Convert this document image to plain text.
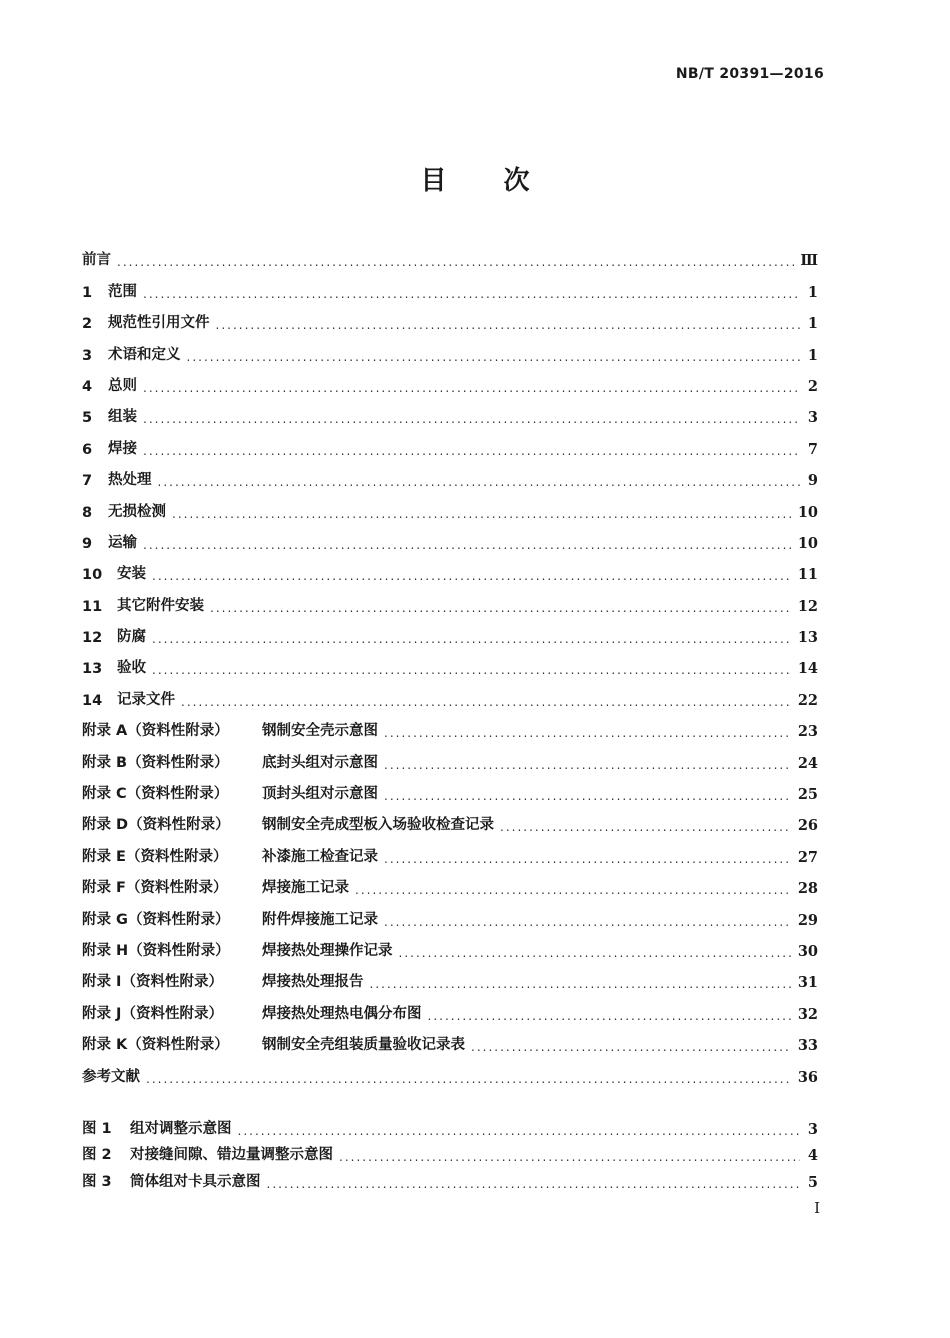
NB/T 20391—2016
目 次
前言 .....	Ⅲ
1	范围 .....	1
2	规范性引用文件 .....	1
3	术语和定义 .....	1
4	总则 .....	2
5	组装 .....	3
6	焊接 .....	7
7	热处理 .....	9
8	无损检测 .....	10
9	运输 .....	10
10	安装 .....	11
11	其它附件安装 .....	12
12	防腐 .....	13
13	验收 .....	14
14	记录文件 .....	22
附录 A（资料性附录）	钢制安全壳示意图 .....	23
附录 B（资料性附录）	底封头组对示意图 .....	24
附录 C（资料性附录）	顶封头组对示意图 .....	25
附录 D（资料性附录）	钢制安全壳成型板入场验收检查记录 .....	26
附录 E（资料性附录）	补漆施工检查记录 .....	27
附录 F（资料性附录）	焊接施工记录 .....	28
附录 G（资料性附录）	附件焊接施工记录 .....	29
附录 H（资料性附录）	焊接热处理操作记录 .....	30
附录 I（资料性附录）	焊接热处理报告 .....	31
附录 J（资料性附录）	焊接热处理热电偶分布图 .....	32
附录 K（资料性附录）	钢制安全壳组装质量验收记录表 .....	33
参考文献 .....	36
图 1	组对调整示意图 .....	3
图 2	对接缝间隙、错边量调整示意图 .....	4
图 3	筒体组对卡具示意图 .....	5
Ⅰ
